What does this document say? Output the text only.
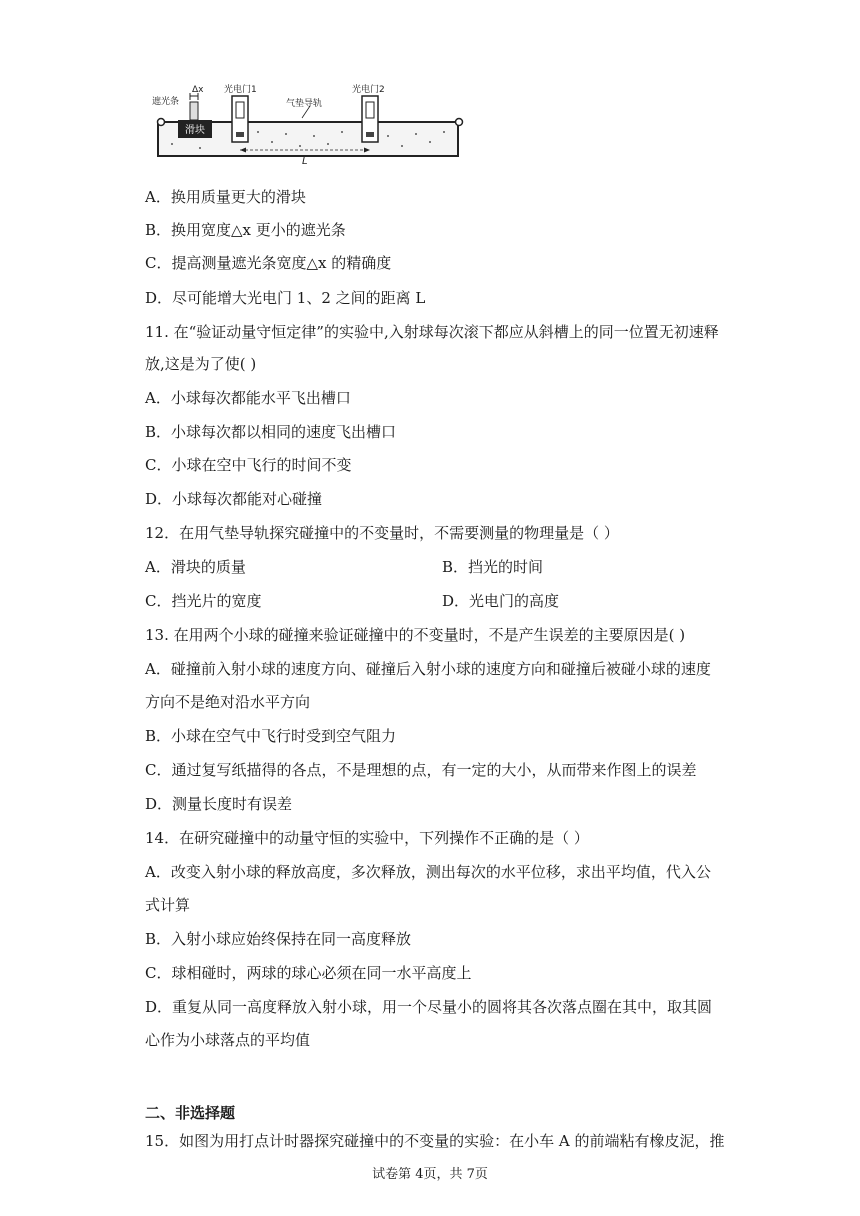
滑块
Δx
遮光条
光电门1	光电门2
气垫导轨
L
A．换用质量更大的滑块
B．换用宽度△x 更小的遮光条
C．提高测量遮光条宽度△x 的精确度
D．尽可能增大光电门 1、2 之间的距离 L
11. 在“验证动量守恒定律”的实验中,入射球每次滚下都应从斜槽上的同一位置无初速释
放,这是为了使( )
A．小球每次都能水平飞出槽口
B．小球每次都以相同的速度飞出槽口
C．小球在空中飞行的时间不变
D．小球每次都能对心碰撞
12．在用气垫导轨探究碰撞中的不变量时，不需要测量的物理量是（ ）
A．滑块的质量	B．挡光的时间
C．挡光片的宽度	D．光电门的高度
13. 在用两个小球的碰撞来验证碰撞中的不变量时，不是产生误差的主要原因是( )
A．碰撞前入射小球的速度方向、碰撞后入射小球的速度方向和碰撞后被碰小球的速度
方向不是绝对沿水平方向
B．小球在空气中飞行时受到空气阻力
C．通过复写纸描得的各点，不是理想的点，有一定的大小，从而带来作图上的误差
D．测量长度时有误差
14．在研究碰撞中的动量守恒的实验中，下列操作不正确的是（ ）
A．改变入射小球的释放高度，多次释放，测出每次的水平位移，求出平均值，代入公
式计算
B．入射小球应始终保持在同一高度释放
C．球相碰时，两球的球心必须在同一水平高度上
D．重复从同一高度释放入射小球，用一个尽量小的圆将其各次落点圈在其中，取其圆
心作为小球落点的平均值
二、非选择题
15．如图为用打点计时器探究碰撞中的不变量的实验：在小车 A 的前端粘有橡皮泥，推
试卷第 4页，共 7页
